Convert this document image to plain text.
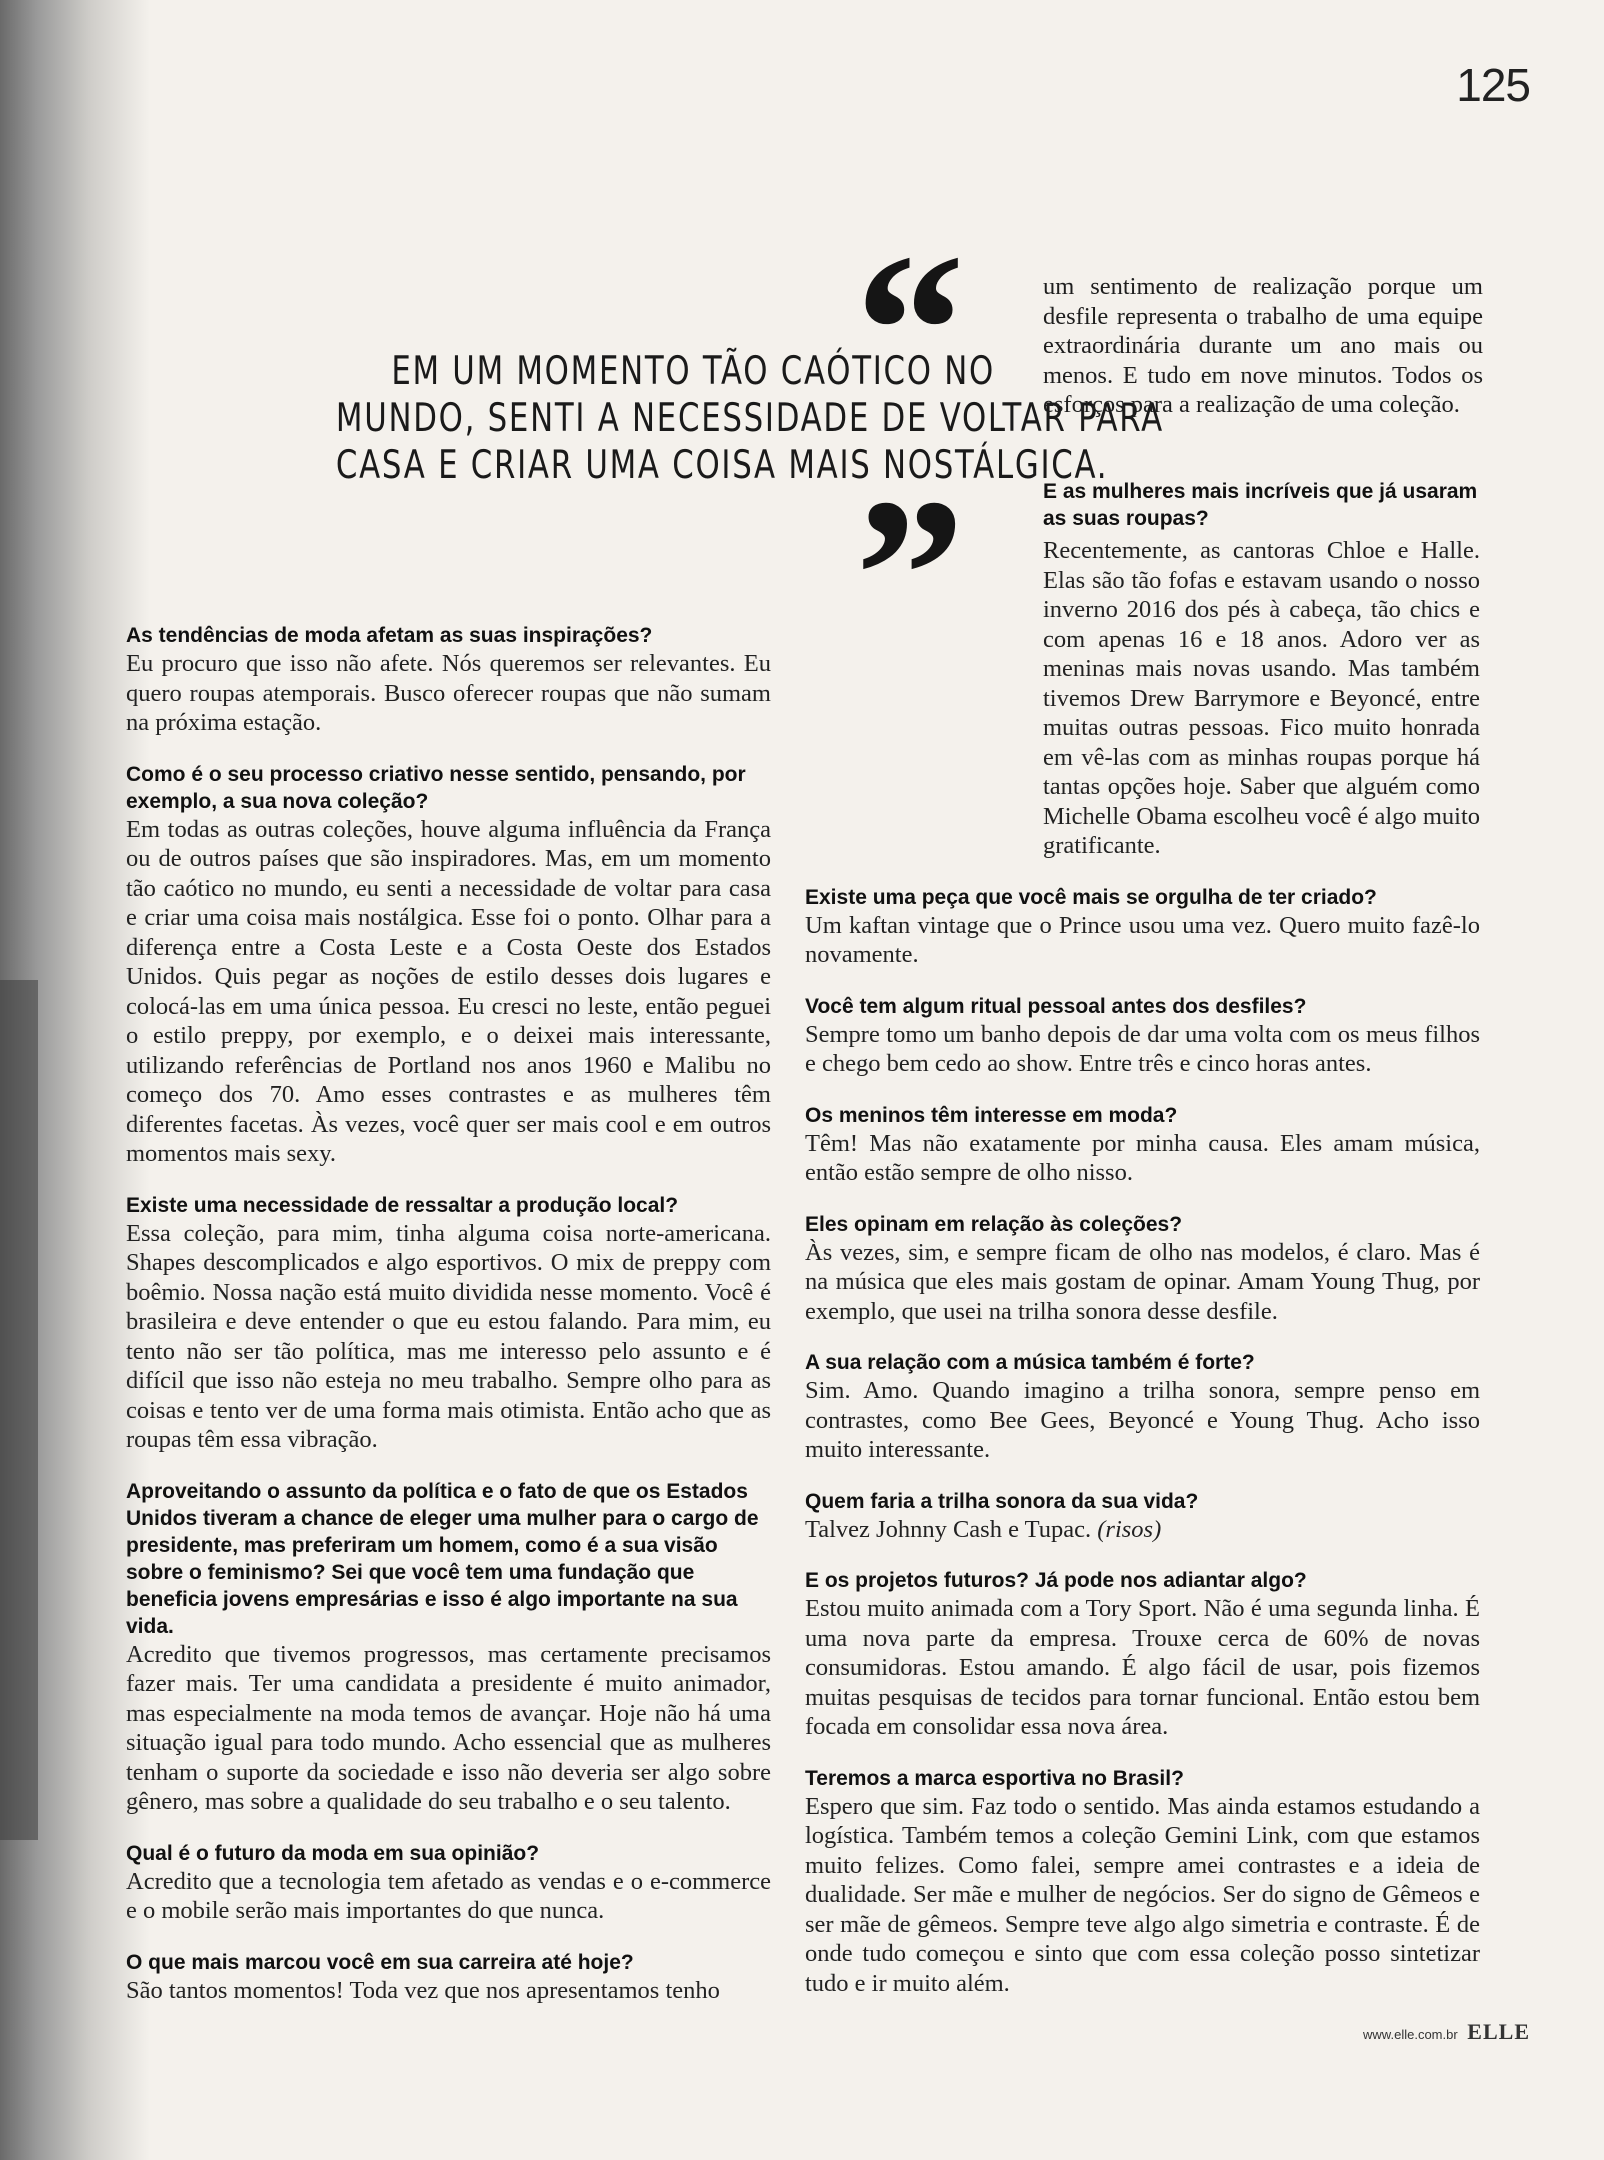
125
“
EM UM MOMENTO TÃO CAÓTICO NO
MUNDO, SENTI A NECESSIDADE DE VOLTAR PARA
CASA E CRIAR UMA COISA MAIS NOSTÁLGICA.
”
um sentimento de realização porque um desfile representa o trabalho de uma equipe extraordinária durante um ano mais ou menos. E tudo em nove minutos. Todos os esforços para a realização de uma coleção.
As tendências de moda afetam as suas inspirações?
Eu procuro que isso não afete. Nós queremos ser relevantes. Eu quero roupas atemporais. Busco oferecer roupas que não sumam na próxima estação.
Como é o seu processo criativo nesse sentido, pensando, por exemplo, a sua nova coleção?
Em todas as outras coleções, houve alguma influência da França ou de outros países que são inspiradores. Mas, em um momento tão caótico no mundo, eu senti a necessidade de voltar para casa e criar uma coisa mais nostálgica. Esse foi o ponto. Olhar para a diferença entre a Costa Leste e a Costa Oeste dos Estados Unidos. Quis pegar as noções de estilo desses dois lugares e colocá-las em uma única pessoa. Eu cresci no leste, então peguei o estilo preppy, por exemplo, e o deixei mais interessante, utilizando referências de Portland nos anos 1960 e Malibu no começo dos 70. Amo esses contrastes e as mulheres têm diferentes facetas. Às vezes, você quer ser mais cool e em outros momentos mais sexy.
Existe uma necessidade de ressaltar a produção local?
Essa coleção, para mim, tinha alguma coisa norte-americana. Shapes descomplicados e algo esportivos. O mix de preppy com boêmio. Nossa nação está muito dividida nesse momento. Você é brasileira e deve entender o que eu estou falando. Para mim, eu tento não ser tão política, mas me interesso pelo assunto e é difícil que isso não esteja no meu trabalho. Sempre olho para as coisas e tento ver de uma forma mais otimista. Então acho que as roupas têm essa vibração.
Aproveitando o assunto da política e o fato de que os Estados Unidos tiveram a chance de eleger uma mulher para o cargo de presidente, mas preferiram um homem, como é a sua visão sobre o feminismo? Sei que você tem uma fundação que beneficia jovens empresárias e isso é algo importante na sua vida.
Acredito que tivemos progressos, mas certamente precisamos fazer mais. Ter uma candidata a presidente é muito animador, mas especialmente na moda temos de avançar. Hoje não há uma situação igual para todo mundo. Acho essencial que as mulheres tenham o suporte da sociedade e isso não deveria ser algo sobre gênero, mas sobre a qualidade do seu trabalho e o seu talento.
Qual é o futuro da moda em sua opinião?
Acredito que a tecnologia tem afetado as vendas e o e-commerce e o mobile serão mais importantes do que nunca.
O que mais marcou você em sua carreira até hoje?
São tantos momentos! Toda vez que nos apresentamos tenho
E as mulheres mais incríveis que já usaram as suas roupas?
Recentemente, as cantoras Chloe e Halle. Elas são tão fofas e estavam usando o nosso inverno 2016 dos pés à cabeça, tão chics e com apenas 16 e 18 anos. Adoro ver as meninas mais novas usando. Mas também tivemos Drew Barrymore e Beyoncé, entre muitas outras pessoas. Fico muito honrada em vê-las com as minhas roupas porque há tantas opções hoje. Saber que alguém como Michelle Obama escolheu você é algo muito gratificante.
Existe uma peça que você mais se orgulha de ter criado?
Um kaftan vintage que o Prince usou uma vez. Quero muito fazê-lo novamente.
Você tem algum ritual pessoal antes dos desfiles?
Sempre tomo um banho depois de dar uma volta com os meus filhos e chego bem cedo ao show. Entre três e cinco horas antes.
Os meninos têm interesse em moda?
Têm! Mas não exatamente por minha causa. Eles amam música, então estão sempre de olho nisso.
Eles opinam em relação às coleções?
Às vezes, sim, e sempre ficam de olho nas modelos, é claro. Mas é na música que eles mais gostam de opinar. Amam Young Thug, por exemplo, que usei na trilha sonora desse desfile.
A sua relação com a música também é forte?
Sim. Amo. Quando imagino a trilha sonora, sempre penso em contrastes, como Bee Gees, Beyoncé e Young Thug. Acho isso muito interessante.
Quem faria a trilha sonora da sua vida?
Talvez Johnny Cash e Tupac. (risos)
E os projetos futuros? Já pode nos adiantar algo?
Estou muito animada com a Tory Sport. Não é uma segunda linha. É uma nova parte da empresa. Trouxe cerca de 60% de novas consumidoras. Estou amando. É algo fácil de usar, pois fizemos muitas pesquisas de tecidos para tornar funcional. Então estou bem focada em consolidar essa nova área.
Teremos a marca esportiva no Brasil?
Espero que sim. Faz todo o sentido. Mas ainda estamos estudando a logística. Também temos a coleção Gemini Link, com que estamos muito felizes. Como falei, sempre amei contrastes e a ideia de dualidade. Ser mãe e mulher de negócios. Ser do signo de Gêmeos e ser mãe de gêmeos. Sempre teve algo algo simetria e contraste. É de onde tudo começou e sinto que com essa coleção posso sintetizar tudo e ir muito além.
www.elle.com.br ELLE
